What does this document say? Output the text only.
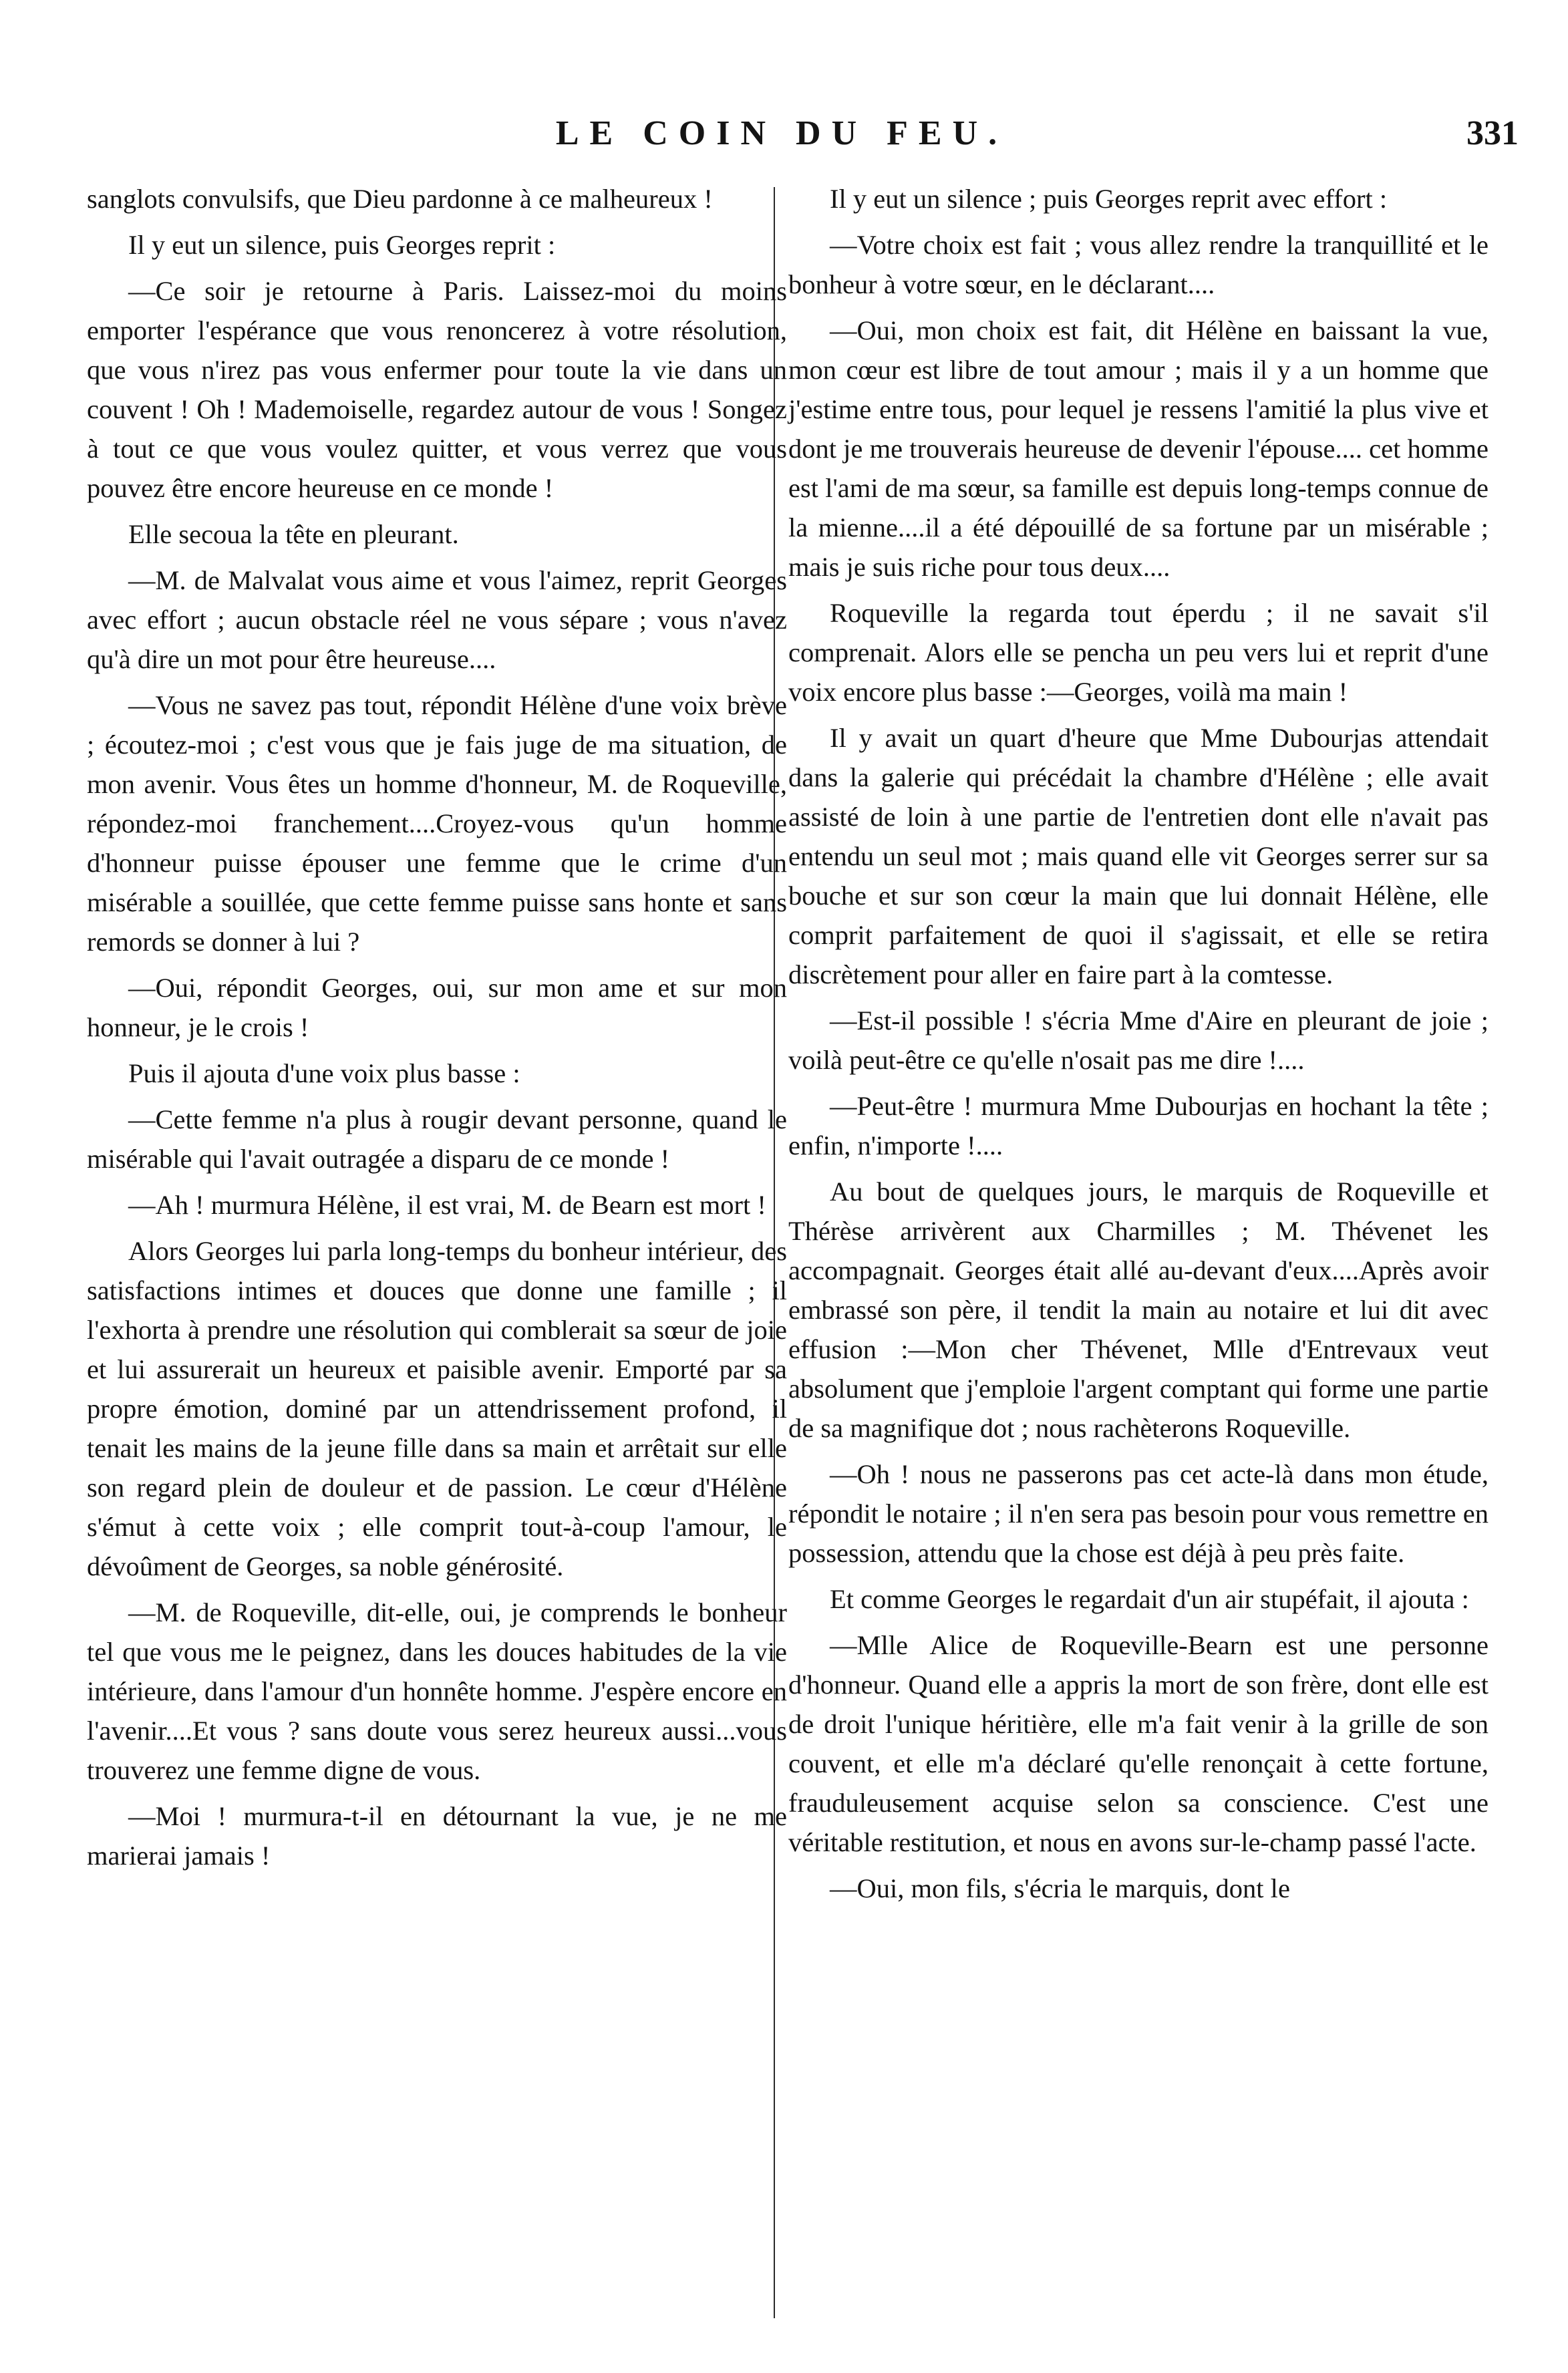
LE COIN DU FEU.	331

sanglots convulsifs, que Dieu pardonne à ce malheureux !

Il y eut un silence, puis Georges reprit :

—Ce soir je retourne à Paris. Laissez-moi du moins emporter l'espérance que vous renoncerez à votre résolution, que vous n'irez pas vous enfermer pour toute la vie dans un couvent ! Oh ! Mademoiselle, regardez autour de vous ! Songez à tout ce que vous voulez quitter, et vous verrez que vous pouvez être encore heureuse en ce monde !

Elle secoua la tête en pleurant.

—M. de Malvalat vous aime et vous l'aimez, reprit Georges avec effort ; aucun obstacle réel ne vous sépare ; vous n'avez qu'à dire un mot pour être heureuse....

—Vous ne savez pas tout, répondit Hélène d'une voix brève ; écoutez-moi ; c'est vous que je fais juge de ma situation, de mon avenir. Vous êtes un homme d'honneur, M. de Roqueville, répondez-moi franchement....Croyez-vous qu'un homme d'honneur puisse épouser une femme que le crime d'un misérable a souillée, que cette femme puisse sans honte et sans remords se donner à lui ?

—Oui, répondit Georges, oui, sur mon ame et sur mon honneur, je le crois !

Puis il ajouta d'une voix plus basse :

—Cette femme n'a plus à rougir devant personne, quand le misérable qui l'avait outragée a disparu de ce monde !

—Ah ! murmura Hélène, il est vrai, M. de Bearn est mort !

Alors Georges lui parla long-temps du bonheur intérieur, des satisfactions intimes et douces que donne une famille ; il l'exhorta à prendre une résolution qui comblerait sa sœur de joie et lui assurerait un heureux et paisible avenir. Emporté par sa propre émotion, dominé par un attendrissement profond, il tenait les mains de la jeune fille dans sa main et arrêtait sur elle son regard plein de douleur et de passion. Le cœur d'Hélène s'émut à cette voix ; elle comprit tout-à-coup l'amour, le dévoûment de Georges, sa noble générosité.

—M. de Roqueville, dit-elle, oui, je comprends le bonheur tel que vous me le peignez, dans les douces habitudes de la vie intérieure, dans l'amour d'un honnête homme. J'espère encore en l'avenir....Et vous ? sans doute vous serez heureux aussi...vous trouverez une femme digne de vous.

—Moi ! murmura-t-il en détournant la vue, je ne me marierai jamais !

Il y eut un silence ; puis Georges reprit avec effort :

—Votre choix est fait ; vous allez rendre la tranquillité et le bonheur à votre sœur, en le déclarant....

—Oui, mon choix est fait, dit Hélène en baissant la vue, mon cœur est libre de tout amour ; mais il y a un homme que j'estime entre tous, pour lequel je ressens l'amitié la plus vive et dont je me trouverais heureuse de devenir l'épouse.... cet homme est l'ami de ma sœur, sa famille est depuis long-temps connue de la mienne....il a été dépouillé de sa fortune par un misérable ; mais je suis riche pour tous deux....

Roqueville la regarda tout éperdu ; il ne savait s'il comprenait. Alors elle se pencha un peu vers lui et reprit d'une voix encore plus basse :—Georges, voilà ma main !

Il y avait un quart d'heure que Mme Dubourjas attendait dans la galerie qui précédait la chambre d'Hélène ; elle avait assisté de loin à une partie de l'entretien dont elle n'avait pas entendu un seul mot ; mais quand elle vit Georges serrer sur sa bouche et sur son cœur la main que lui donnait Hélène, elle comprit parfaitement de quoi il s'agissait, et elle se retira discrètement pour aller en faire part à la comtesse.

—Est-il possible ! s'écria Mme d'Aire en pleurant de joie ; voilà peut-être ce qu'elle n'osait pas me dire !....

—Peut-être ! murmura Mme Dubourjas en hochant la tête ; enfin, n'importe !....

Au bout de quelques jours, le marquis de Roqueville et Thérèse arrivèrent aux Charmilles ; M. Thévenet les accompagnait. Georges était allé au-devant d'eux....Après avoir embrassé son père, il tendit la main au notaire et lui dit avec effusion :—Mon cher Thévenet, Mlle d'Entrevaux veut absolument que j'emploie l'argent comptant qui forme une partie de sa magnifique dot ; nous rachèterons Roqueville.

—Oh ! nous ne passerons pas cet acte-là dans mon étude, répondit le notaire ; il n'en sera pas besoin pour vous remettre en possession, attendu que la chose est déjà à peu près faite.

Et comme Georges le regardait d'un air stupéfait, il ajouta :

—Mlle Alice de Roqueville-Bearn est une personne d'honneur. Quand elle a appris la mort de son frère, dont elle est de droit l'unique héritière, elle m'a fait venir à la grille de son couvent, et elle m'a déclaré qu'elle renonçait à cette fortune, frauduleusement acquise selon sa conscience. C'est une véritable restitution, et nous en avons sur-le-champ passé l'acte.

—Oui, mon fils, s'écria le marquis, dont le
